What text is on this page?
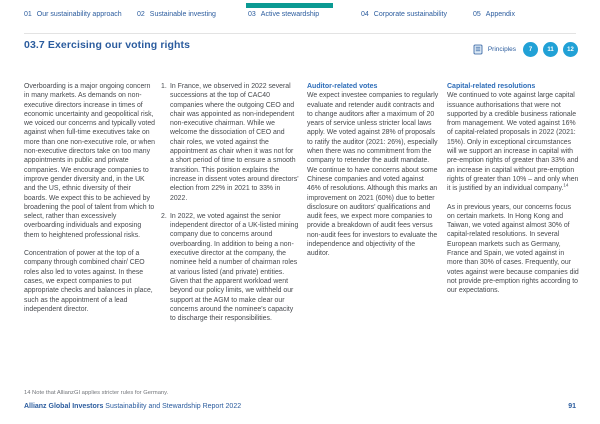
01 Our sustainability approach 02 Sustainable investing	03 Active stewardship	04 Corporate sustainability	05 Appendix
03.7 Exercising our voting rights	Principles	7	11	12

Overboarding is a major ongoing concern in many markets. As demands on non-executive directors increase in times of economic uncertainty and geopolitical risk, we voiced our concerns and typically voted against when full-time executives take on more than one non-executive role, or when non-executive directors take on too many appointments in public and private companies. We encourage companies to improve gender diversity and, in the UK and the US, ethnic diversity of their boards. We expect this to be achieved by broadening the pool of talent from which to select, rather than excessively overboarding individuals and exposing them to heightened professional risks.

Concentration of power at the top of a company through combined chair/ CEO roles also led to votes against. In these cases, we expect companies to put appropriate checks and balances in place, such as the appointment of a lead independent director.

1. In France, we observed in 2022 several successions at the top of CAC40 companies where the outgoing CEO and chair was appointed as non-independent non-executive chairman. While we welcome the dissociation of CEO and chair roles, we voted against the appointment as chair when it was not for a short period of time to ensure a smooth transition. This position explains the increase in dissent votes around directors’ election from 22% in 2021 to 33% in 2022.
2. In 2022, we voted against the senior independent director of a UK-listed mining company due to concerns around overboarding. In addition to being a non-executive director at the company, the nominee held a number of chairman roles at various listed (and private) entities. Given that the apparent workload went beyond our policy limits, we withheld our support at the AGM to make clear our concerns around the nominee’s capacity to discharge their responsibilities.
Auditor-related votes

We expect investee companies to regularly evaluate and retender audit contracts and to change auditors after a maximum of 20 years of service unless stricter local laws apply. We voted against 28% of proposals to ratify the auditor (2021: 26%), especially when there was no commitment from the company to retender the audit mandate. We continue to have concerns about some Chinese companies and voted against 46% of resolutions. Although this marks an improvement on 2021 (60%) due to better disclosure on auditors’ qualifications and audit fees, we expect more companies to provide a breakdown of audit fees versus non-audit fees for investors to evaluate the independence and objectivity of the auditor.

Capital-related resolutions

We continued to vote against large capital issuance authorisations that were not supported by a credible business rationale from management. We voted against 16% of capital-related proposals in 2022 (2021: 15%). Only in exceptional circumstances will we support an increase in capital with pre-emption rights of greater than 33% and an increase in capital without pre-emption rights of greater than 10% – and only when it is justified by an individual company.$^{14}$

As in previous years, our concerns focus on certain markets. In Hong Kong and Taiwan, we voted against almost 30% of capital-related resolutions. In several European markets such as Germany, France and Spain, we voted against in more than 30% of cases. Frequently, our votes against were because companies did not provide pre-emption rights according to our expectations.

14 Note that AllianzGI applies stricter rules for Germany.
Allianz Global Investors Sustainability and Stewardship Report 2022	91
